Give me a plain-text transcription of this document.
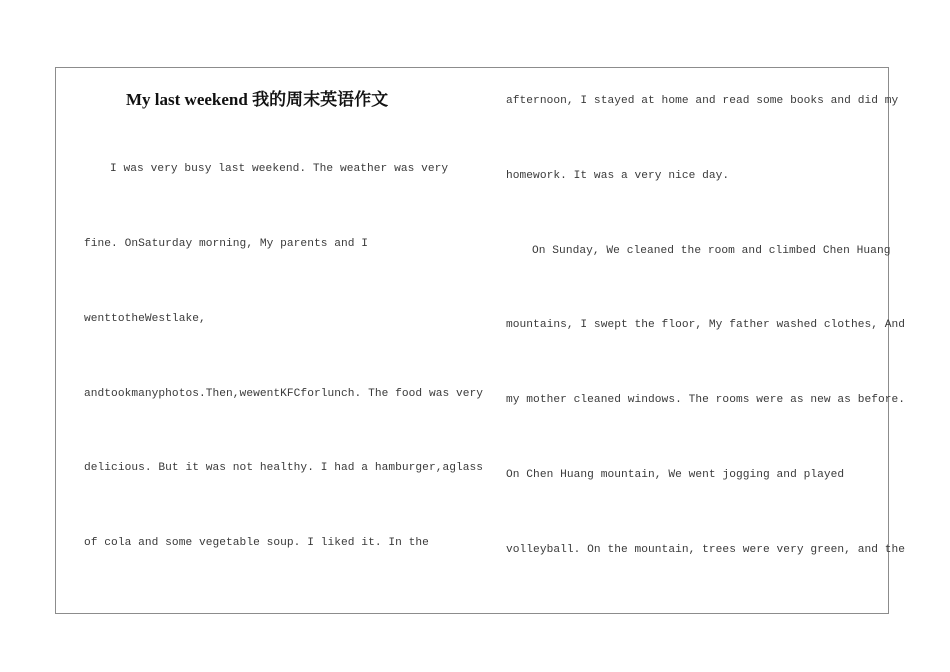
My last weekend 我的周末英语作文

I was very busy last weekend. The weather was very

fine. OnSaturday morning, My parents and I

wenttotheWestlake,

andtookmanyphotos.Then,wewentKFCforlunch. The food was very

delicious. But it was not healthy. I had a hamburger,aglass

of cola and some vegetable soup. I liked it. In the

afternoon, I stayed at home and read some books and did my

homework. It was a very nice day.

On Sunday, We cleaned the room and climbed Chen Huang

mountains, I swept the floor, My father washed clothes, And

my mother cleaned windows. The rooms were as new as before.

On Chen Huang mountain, We went jogging and played

volleyball. On the mountain, trees were very green, and the
